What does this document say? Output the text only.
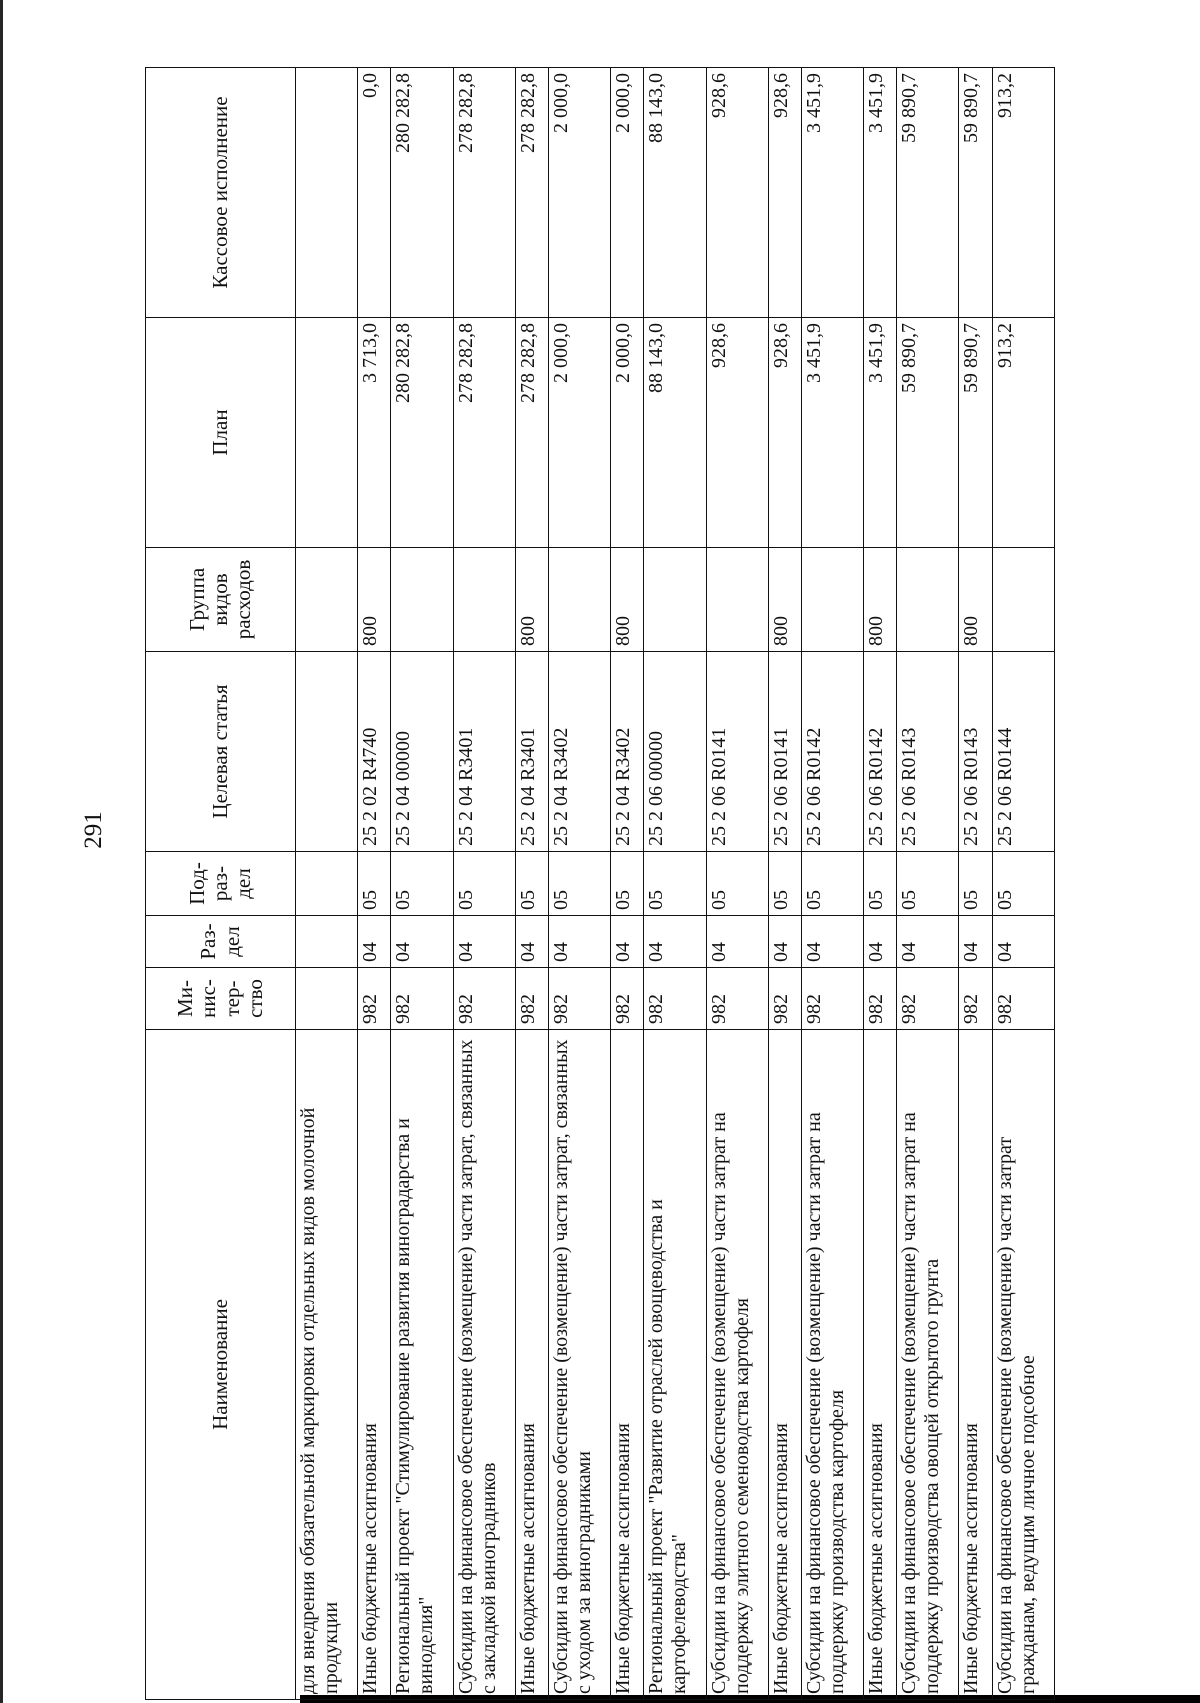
291
Наименование	Ми-нис-тер-ство	Раз-дел	Под-раз-дел	Целевая статья	Группа видов расходов	План	Кассовое исполнение
для внедрения обязательной маркировки отдельных видов молочной продукции							
Иные бюджетные ассигнования	982	04	05	25 2 02 R4740	800	3 713,0	0,0
Региональный проект "Стимулирование развития виноградарства и виноделия"	982	04	05	25 2 04 00000		280 282,8	280 282,8
Субсидии на финансовое обеспечение (возмещение) части затрат, связанных с закладкой виноградников	982	04	05	25 2 04 R3401		278 282,8	278 282,8
Иные бюджетные ассигнования	982	04	05	25 2 04 R3401	800	278 282,8	278 282,8
Субсидии на финансовое обеспечение (возмещение) части затрат, связанных с уходом за виноградниками	982	04	05	25 2 04 R3402		2 000,0	2 000,0
Иные бюджетные ассигнования	982	04	05	25 2 04 R3402	800	2 000,0	2 000,0
Региональный проект "Развитие отраслей овощеводства и картофелеводства"	982	04	05	25 2 06 00000		88 143,0	88 143,0
Субсидии на финансовое обеспечение (возмещение) части затрат на поддержку элитного семеноводства картофеля	982	04	05	25 2 06 R0141		928,6	928,6
Иные бюджетные ассигнования	982	04	05	25 2 06 R0141	800	928,6	928,6
Субсидии на финансовое обеспечение (возмещение) части затрат на поддержку производства картофеля	982	04	05	25 2 06 R0142		3 451,9	3 451,9
Иные бюджетные ассигнования	982	04	05	25 2 06 R0142	800	3 451,9	3 451,9
Субсидии на финансовое обеспечение (возмещение) части затрат на поддержку производства овощей открытого грунта	982	04	05	25 2 06 R0143		59 890,7	59 890,7
Иные бюджетные ассигнования	982	04	05	25 2 06 R0143	800	59 890,7	59 890,7
Субсидии на финансовое обеспечение (возмещение) части затрат гражданам, ведущим личное подсобное	982	04	05	25 2 06 R0144		913,2	913,2
